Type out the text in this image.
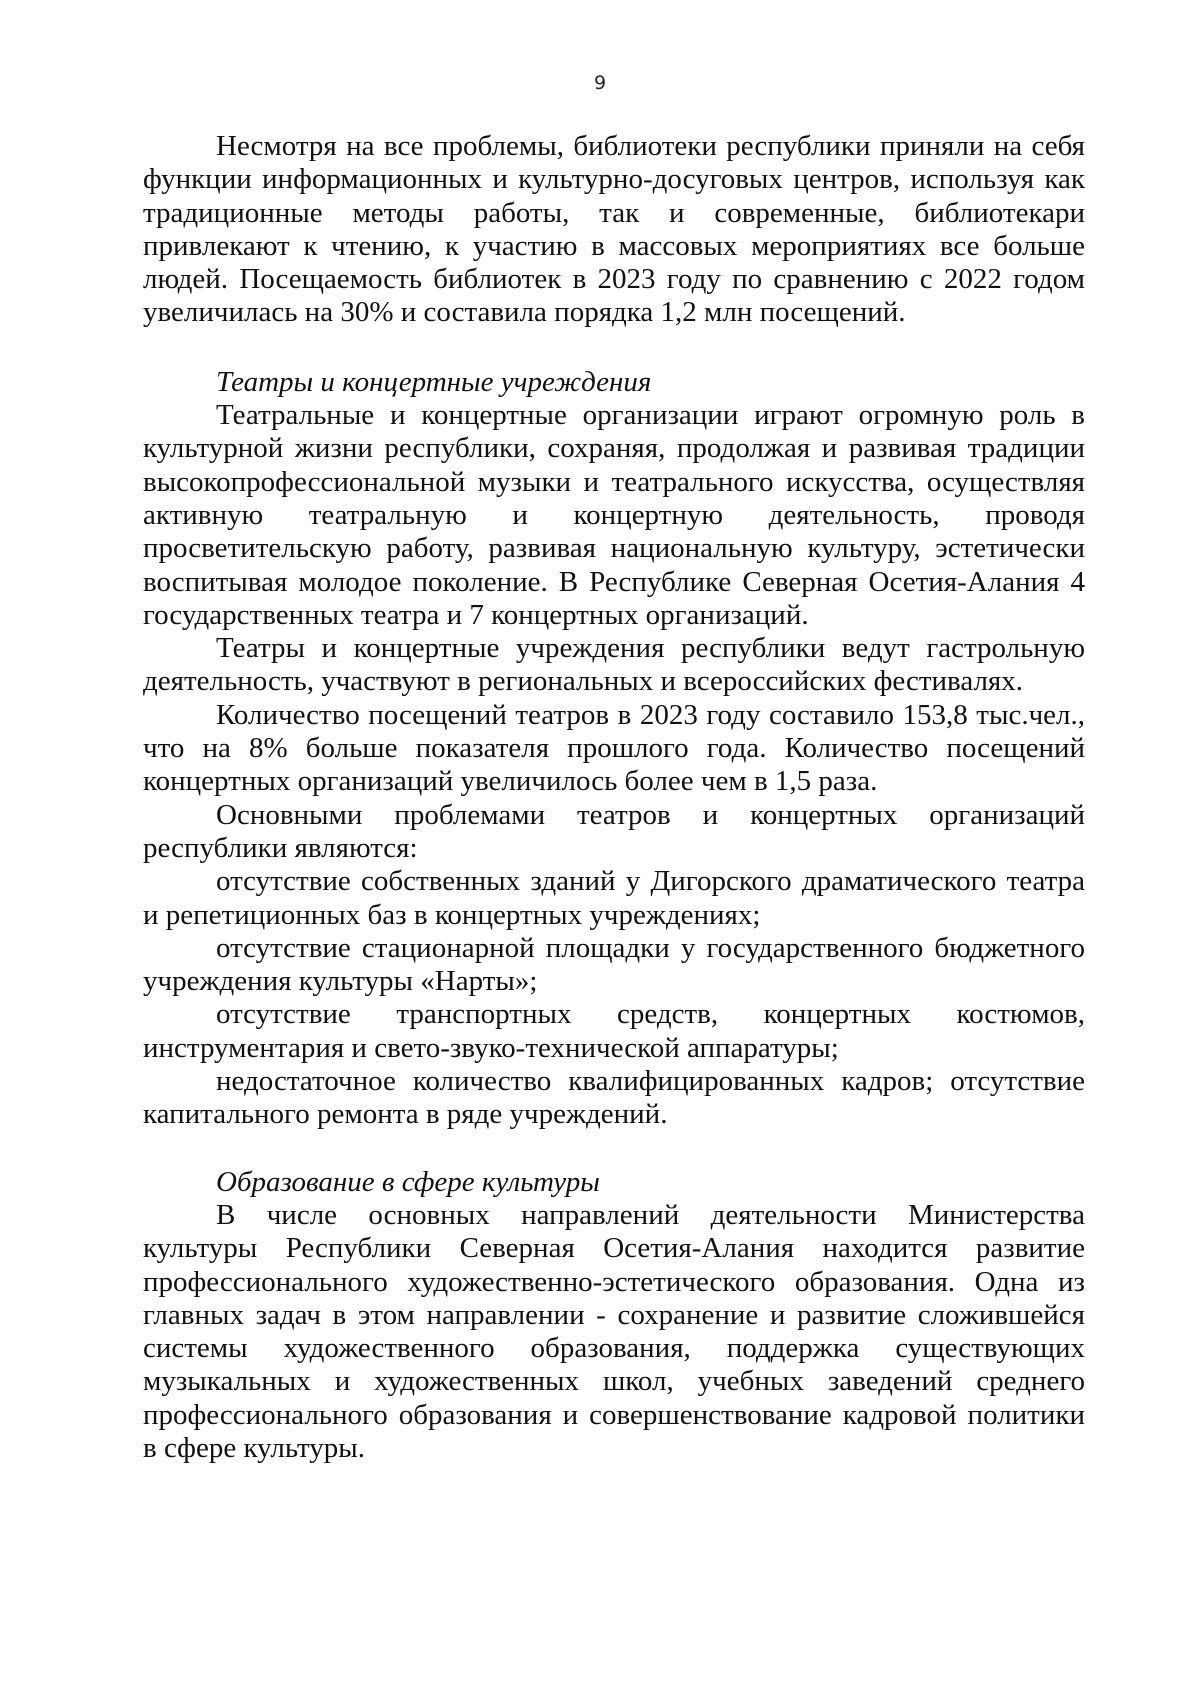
9

Несмотря на все проблемы, библиотеки республики приняли на себя функции информационных и культурно-досуговых центров, используя как традиционные методы работы, так и современные, библиотекари привлекают к чтению, к участию в массовых мероприятиях все больше людей. Посещаемость библиотек в 2023 году по сравнению с 2022 годом увеличилась на 30% и составила порядка 1,2 млн посещений.

Театры и концертные учреждения

Театральные и концертные организации играют огромную роль в культурной жизни республики, сохраняя, продолжая и развивая традиции высокопрофессиональной музыки и театрального искусства, осуществляя активную театральную и концертную деятельность, проводя просветительскую работу, развивая национальную культуру, эстетически воспитывая молодое поколение. В Республике Северная Осетия-Алания 4 государственных театра и 7 концертных организаций.

Театры и концертные учреждения республики ведут гастрольную деятельность, участвуют в региональных и всероссийских фестивалях.

Количество посещений театров в 2023 году составило 153,8 тыс.чел., что на 8% больше показателя прошлого года. Количество посещений концертных организаций увеличилось более чем в 1,5 раза.

Основными проблемами театров и концертных организаций республики являются:

отсутствие собственных зданий у Дигорского драматического театра и репетиционных баз в концертных учреждениях;

отсутствие стационарной площадки у государственного бюджетного учреждения культуры «Нарты»;

отсутствие транспортных средств, концертных костюмов, инструментария и свето-звуко-технической аппаратуры;

недостаточное количество квалифицированных кадров; отсутствие капитального ремонта в ряде учреждений.

Образование в сфере культуры

В числе основных направлений деятельности Министерства культуры Республики Северная Осетия-Алания находится развитие профессионального художественно-эстетического образования. Одна из главных задач в этом направлении - сохранение и развитие сложившейся системы художественного образования, поддержка существующих музыкальных и художественных школ, учебных заведений среднего профессионального образования и совершенствование кадровой политики в сфере культуры.
